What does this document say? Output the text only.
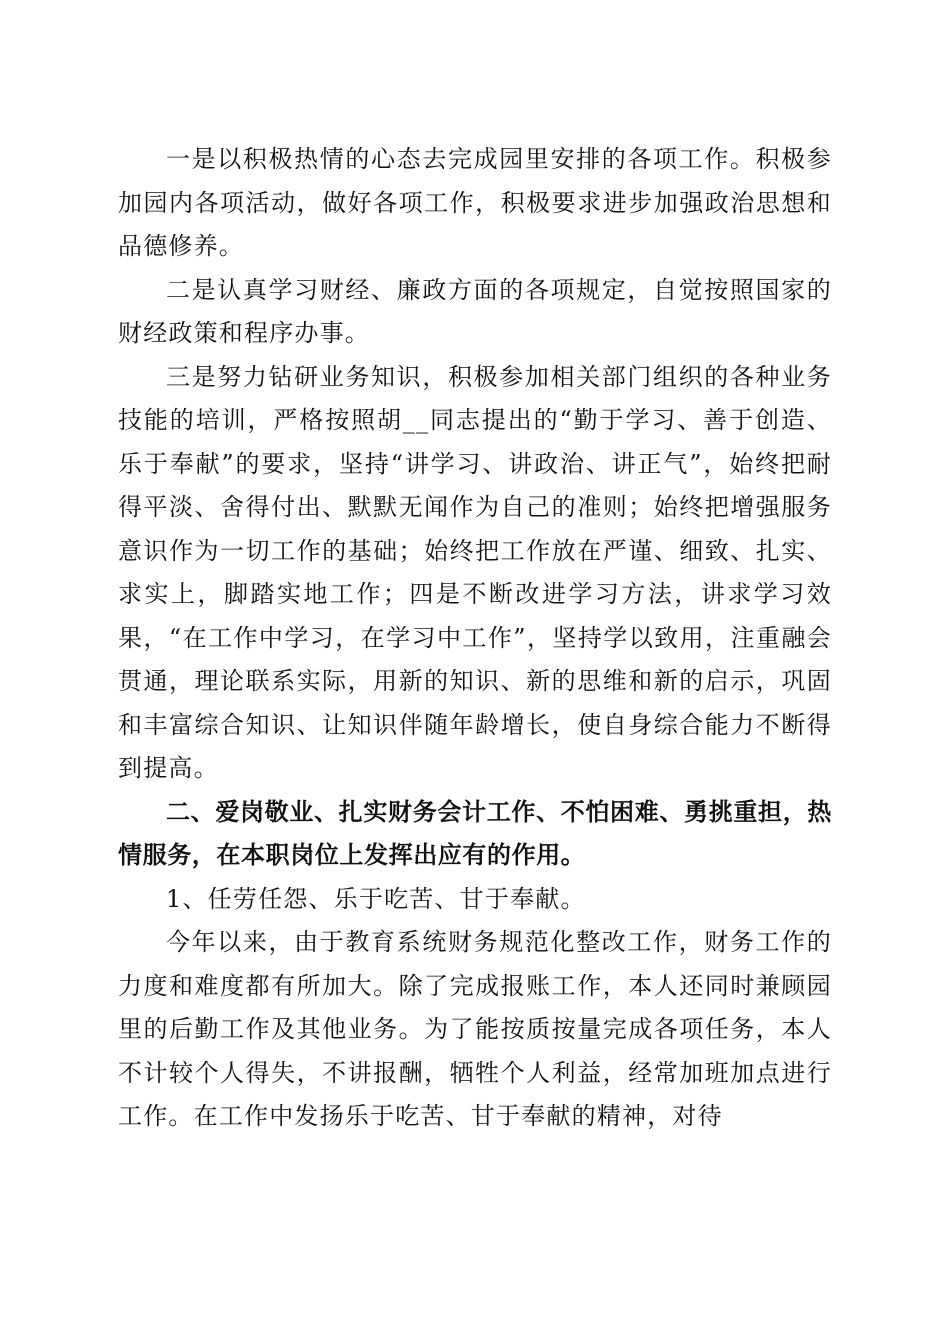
一是以积极热情的心态去完成园里安排的各项工作。积极参加园内各项活动，做好各项工作，积极要求进步加强政治思想和品德修养。

二是认真学习财经、廉政方面的各项规定，自觉按照国家的财经政策和程序办事。

三是努力钻研业务知识，积极参加相关部门组织的各种业务技能的培训，严格按照胡__同志提出的“勤于学习、善于创造、乐于奉献”的要求，坚持“讲学习、讲政治、讲正气”，始终把耐得平淡、舍得付出、默默无闻作为自己的准则；始终把增强服务意识作为一切工作的基础；始终把工作放在严谨、细致、扎实、求实上，脚踏实地工作；四是不断改进学习方法，讲求学习效果，“在工作中学习，在学习中工作”，坚持学以致用，注重融会贯通，理论联系实际，用新的知识、新的思维和新的启示，巩固和丰富综合知识、让知识伴随年龄增长，使自身综合能力不断得到提高。

二、爱岗敬业、扎实财务会计工作、不怕困难、勇挑重担，热情服务，在本职岗位上发挥出应有的作用。

1、任劳任怨、乐于吃苦、甘于奉献。

今年以来，由于教育系统财务规范化整改工作，财务工作的力度和难度都有所加大。除了完成报账工作，本人还同时兼顾园里的后勤工作及其他业务。为了能按质按量完成各项任务，本人不计较个人得失，不讲报酬，牺牲个人利益，经常加班加点进行工作。在工作中发扬乐于吃苦、甘于奉献的精神，对待
